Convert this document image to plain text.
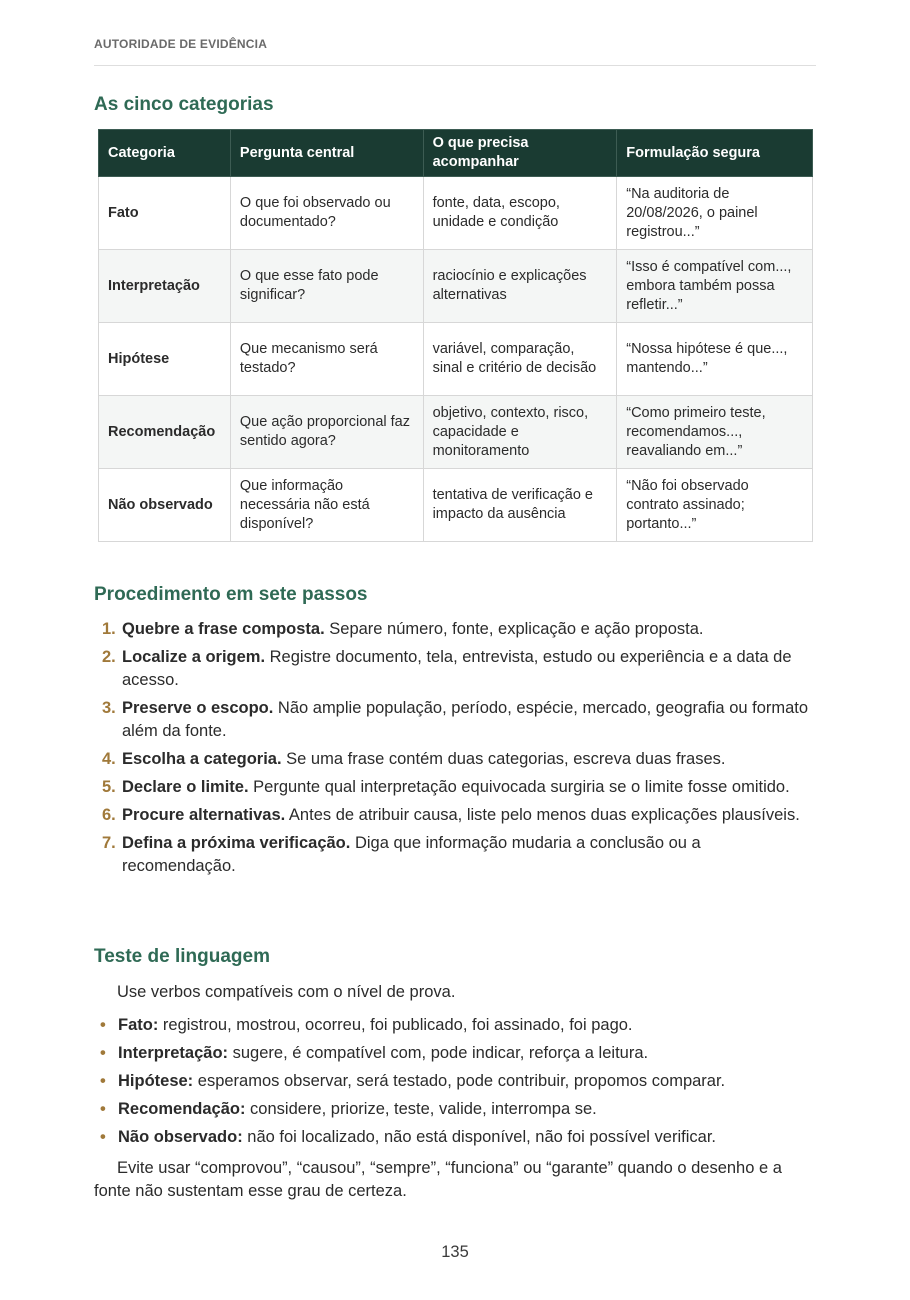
AUTORIDADE DE EVIDÊNCIA
As cinco categorias
Categoria	Pergunta central	O que precisa acompanhar	Formulação segura
Fato	O que foi observado ou documentado?	fonte, data, escopo, unidade e condição	“Na auditoria de 20/08/2026, o painel registrou...”
Interpretação	O que esse fato pode significar?	raciocínio e explicações alternativas	“Isso é compatível com..., embora também possa refletir...”
Hipótese	Que mecanismo será testado?	variável, comparação, sinal e critério de decisão	“Nossa hipótese é que..., mantendo...”
Recomendação	Que ação proporcional faz sentido agora?	objetivo, contexto, risco, capacidade e monitoramento	“Como primeiro teste, recomendamos..., reavaliando em...”
Não observado	Que informação necessária não está disponível?	tentativa de verificação e impacto da ausência	“Não foi observado contrato assinado; portanto...”
Procedimento em sete passos
1. Quebre a frase composta. Separe número, fonte, explicação e ação proposta.
2. Localize a origem. Registre documento, tela, entrevista, estudo ou experiência e a data de acesso.
3. Preserve o escopo. Não amplie população, período, espécie, mercado, geografia ou formato além da fonte.
4. Escolha a categoria. Se uma frase contém duas categorias, escreva duas frases.
5. Declare o limite. Pergunte qual interpretação equivocada surgiria se o limite fosse omitido.
6. Procure alternativas. Antes de atribuir causa, liste pelo menos duas explicações plausíveis.
7. Defina a próxima verificação. Diga que informação mudaria a conclusão ou a recomendação.
Teste de linguagem

Use verbos compatíveis com o nível de prova.

• Fato: registrou, mostrou, ocorreu, foi publicado, foi assinado, foi pago.
• Interpretação: sugere, é compatível com, pode indicar, reforça a leitura.
• Hipótese: esperamos observar, será testado, pode contribuir, propomos comparar.
• Recomendação: considere, priorize, teste, valide, interrompa se.
• Não observado: não foi localizado, não está disponível, não foi possível verificar.

Evite usar “comprovou”, “causou”, “sempre”, “funciona” ou “garante” quando o desenho e a fonte não sustentam esse grau de certeza.

135
